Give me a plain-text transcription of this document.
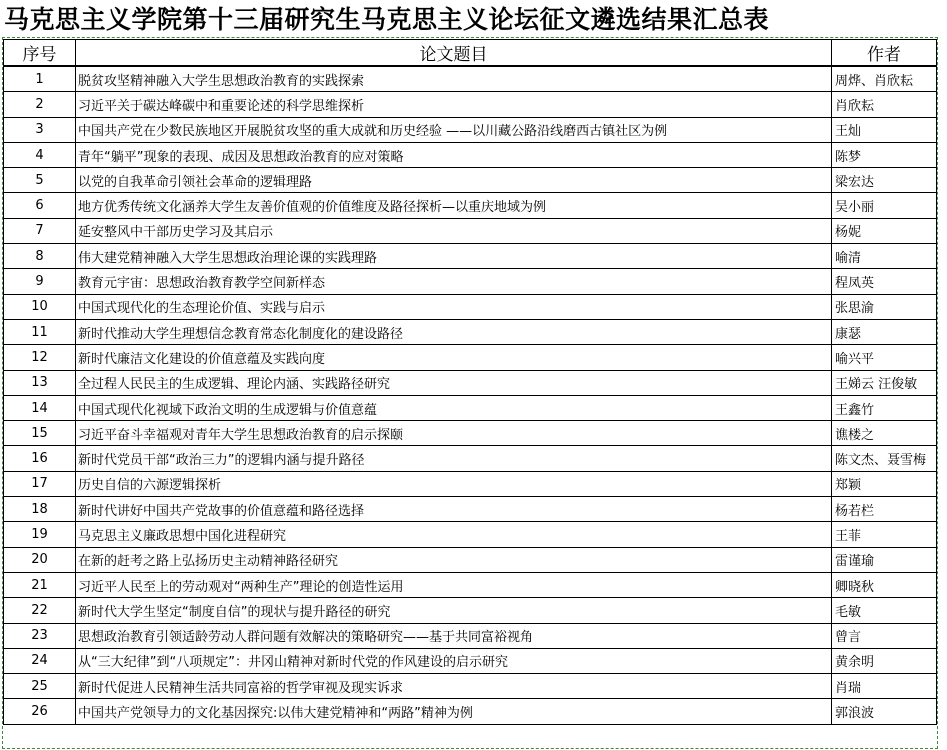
马克思主义学院第十三届研究生马克思主义论坛征文遴选结果汇总表
序号	论文题目	作者
1	脱贫攻坚精神融入大学生思想政治教育的实践探索	周烨、肖欣耘
2	习近平关于碳达峰碳中和重要论述的科学思维探析	肖欣耘
3	中国共产党在少数民族地区开展脱贫攻坚的重大成就和历史经验 ——以川藏公路沿线磨西古镇社区为例	王灿
4	青年“躺平”现象的表现、成因及思想政治教育的应对策略	陈梦
5	以党的自我革命引领社会革命的逻辑理路	梁宏达
6	地方优秀传统文化涵养大学生友善价值观的价值维度及路径探析—以重庆地域为例	吴小丽
7	延安整风中干部历史学习及其启示	杨妮
8	伟大建党精神融入大学生思想政治理论课的实践理路	喻清
9	教育元宇宙：思想政治教育教学空间新样态	程凤英
10	中国式现代化的生态理论价值、实践与启示	张思渝
11	新时代推动大学生理想信念教育常态化制度化的建设路径	康瑟
12	新时代廉洁文化建设的价值意蕴及实践向度	喻兴平
13	全过程人民民主的生成逻辑、理论内涵、实践路径研究	王娣云 汪俊敏
14	中国式现代化视域下政治文明的生成逻辑与价值意蕴	王鑫竹
15	习近平奋斗幸福观对青年大学生思想政治教育的启示探颐	谯楼之
16	新时代党员干部“政治三力”的逻辑内涵与提升路径	陈文杰、聂雪梅
17	历史自信的六源逻辑探析	郑颖
18	新时代讲好中国共产党故事的价值意蕴和路径选择	杨若栏
19	马克思主义廉政思想中国化进程研究	王菲
20	在新的赶考之路上弘扬历史主动精神路径研究	雷谨瑜
21	习近平人民至上的劳动观对“两种生产”理论的创造性运用	卿晓秋
22	新时代大学生坚定“制度自信”的现状与提升路径的研究	毛敏
23	思想政治教育引领适龄劳动人群问题有效解决的策略研究——基于共同富裕视角	曾言
24	从“三大纪律”到“八项规定”：井冈山精神对新时代党的作风建设的启示研究	黄余明
25	新时代促进人民精神生活共同富裕的哲学审视及现实诉求	肖瑞
26	中国共产党领导力的文化基因探究:以伟大建党精神和“两路”精神为例	郭浪波
